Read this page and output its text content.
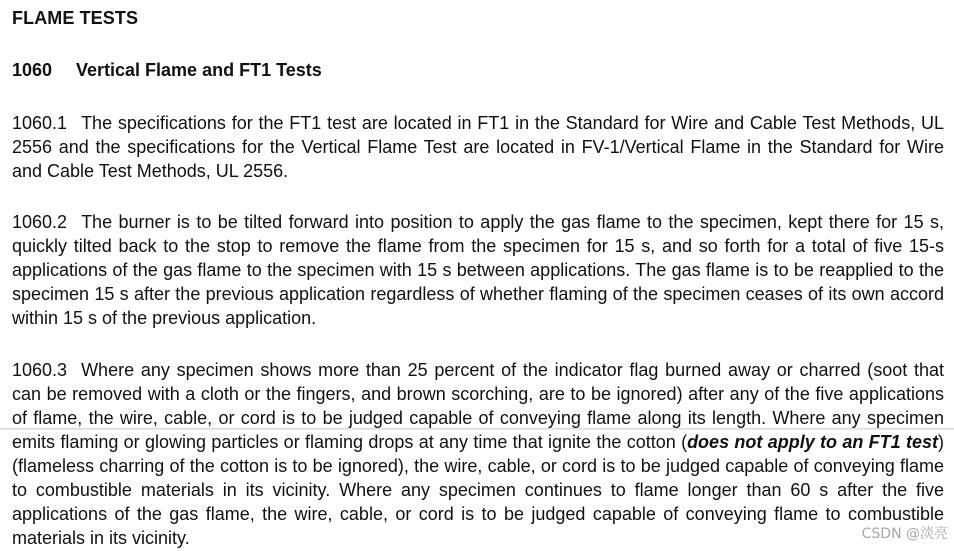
FLAME TESTS
1060 Vertical Flame and FT1 Tests

1060.1 The specifications for the FT1 test are located in FT1 in the Standard for Wire and Cable Test Methods, UL 2556 and the specifications for the Vertical Flame Test are located in FV-1/Vertical Flame in the Standard for Wire and Cable Test Methods, UL 2556.

1060.2 The burner is to be tilted forward into position to apply the gas flame to the specimen, kept there for 15 s, quickly tilted back to the stop to remove the flame from the specimen for 15 s, and so forth for a total of five 15-s applications of the gas flame to the specimen with 15 s between applications. The gas flame is to be reapplied to the specimen 15 s after the previous application regardless of whether flaming of the specimen ceases of its own accord within 15 s of the previous application.

1060.3 Where any specimen shows more than 25 percent of the indicator flag burned away or charred (soot that can be removed with a cloth or the fingers, and brown scorching, are to be ignored) after any of the five applications of flame, the wire, cable, or cord is to be judged capable of conveying flame along its length. Where any specimen emits flaming or glowing particles or flaming drops at any time that ignite the cotton (does not apply to an FT1 test) (flameless charring of the cotton is to be ignored), the wire, cable, or cord is to be judged capable of conveying flame to combustible materials in its vicinity. Where any specimen continues to flame longer than 60 s after the five applications of the gas flame, the wire, cable, or cord is to be judged capable of conveying flame to combustible materials in its vicinity.	CSDN @淡亮
